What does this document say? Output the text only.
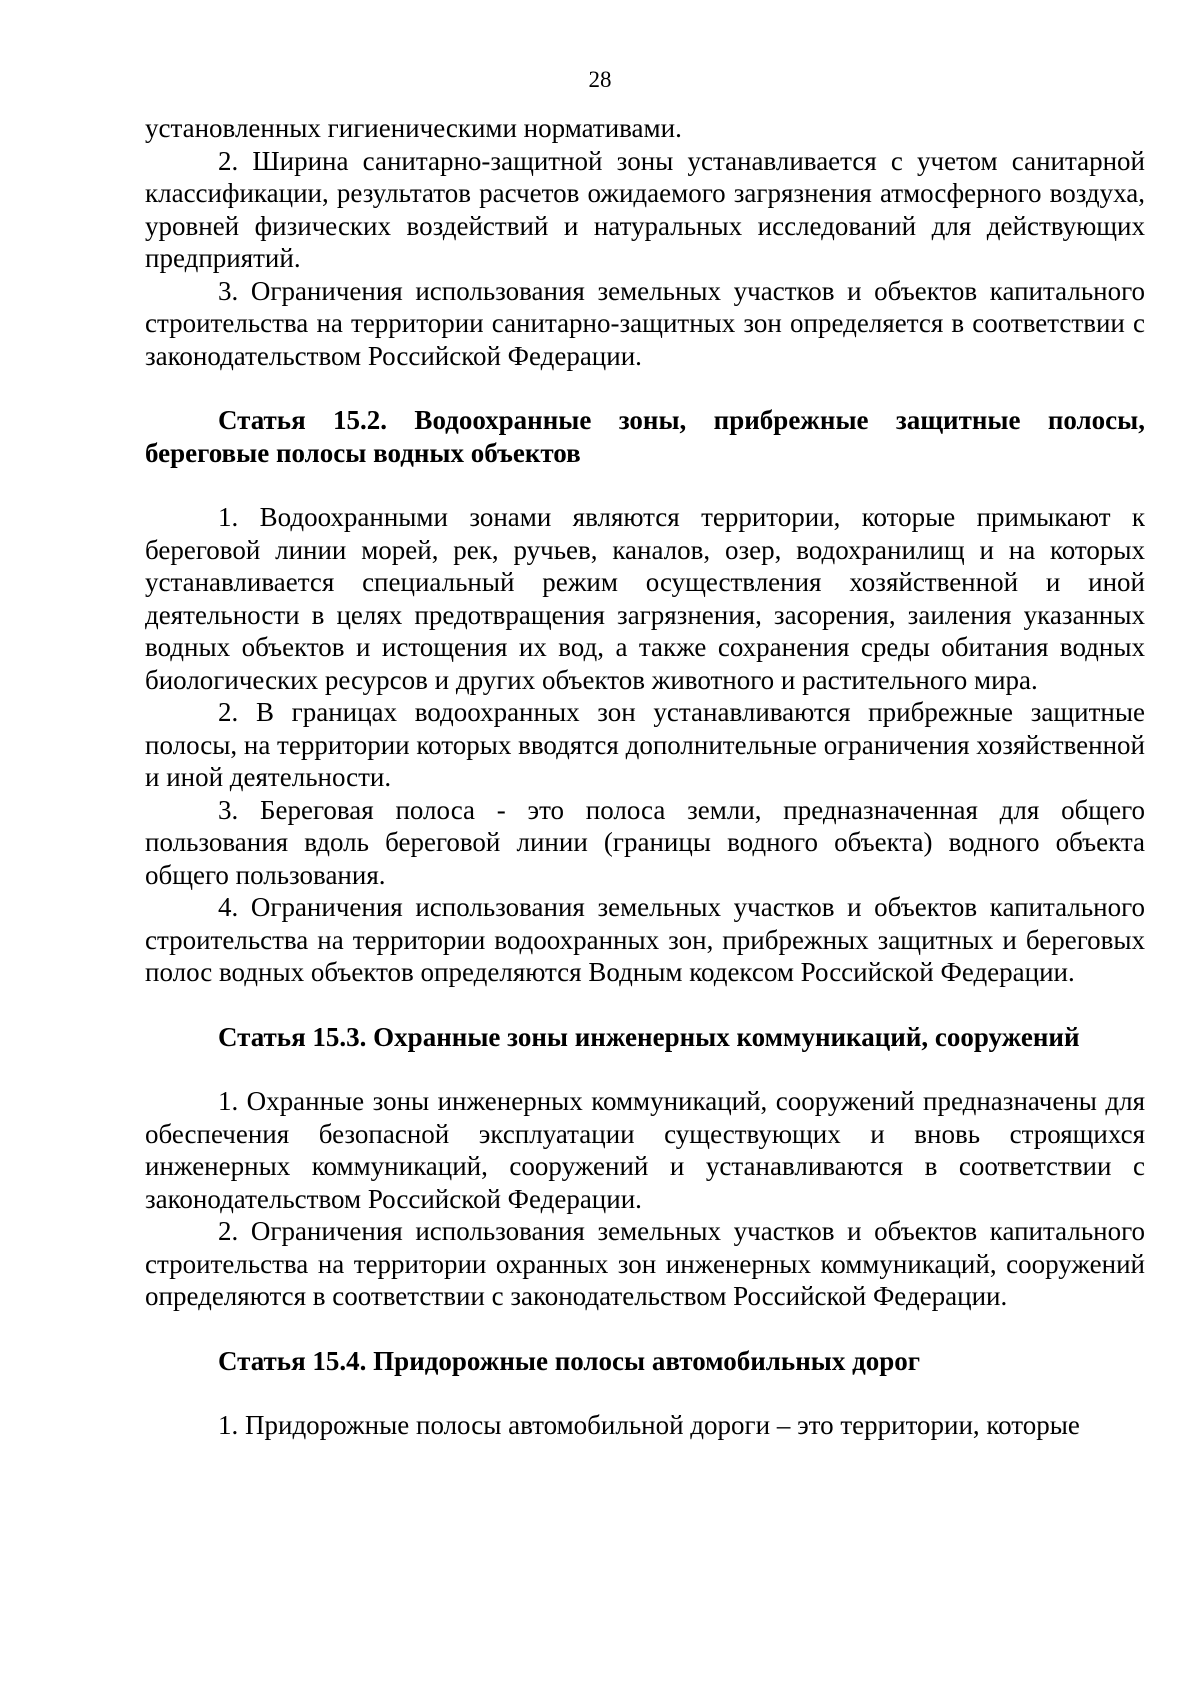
28

установленных гигиеническими нормативами.

2. Ширина санитарно-защитной зоны устанавливается с учетом санитарной классификации, результатов расчетов ожидаемого загрязнения атмосферного воздуха, уровней физических воздействий и натуральных исследований для действующих предприятий.

3. Ограничения использования земельных участков и объектов капитального строительства на территории санитарно-защитных зон определяется в соответствии с законодательством Российской Федерации.

Статья 15.2. Водоохранные зоны, прибрежные защитные полосы, береговые полосы водных объектов

1. Водоохранными зонами являются территории, которые примыкают к береговой линии морей, рек, ручьев, каналов, озер, водохранилищ и на которых устанавливается специальный режим осуществления хозяйственной и иной деятельности в целях предотвращения загрязнения, засорения, заиления указанных водных объектов и истощения их вод, а также сохранения среды обитания водных биологических ресурсов и других объектов животного и растительного мира.

2. В границах водоохранных зон устанавливаются прибрежные защитные полосы, на территории которых вводятся дополнительные ограничения хозяйственной и иной деятельности.

3. Береговая полоса - это полоса земли, предназначенная для общего пользования вдоль береговой линии (границы водного объекта) водного объекта общего пользования.

4. Ограничения использования земельных участков и объектов капитального строительства на территории водоохранных зон, прибрежных защитных и береговых полос водных объектов определяются Водным кодексом Российской Федерации.

Статья 15.3. Охранные зоны инженерных коммуникаций, сооружений

1. Охранные зоны инженерных коммуникаций, сооружений предназначены для обеспечения безопасной эксплуатации существующих и вновь строящихся инженерных коммуникаций, сооружений и устанавливаются в соответствии с законодательством Российской Федерации.

2. Ограничения использования земельных участков и объектов капитального строительства на территории охранных зон инженерных коммуникаций, сооружений определяются в соответствии с законодательством Российской Федерации.

Статья 15.4. Придорожные полосы автомобильных дорог

1. Придорожные полосы автомобильной дороги – это территории, которые
